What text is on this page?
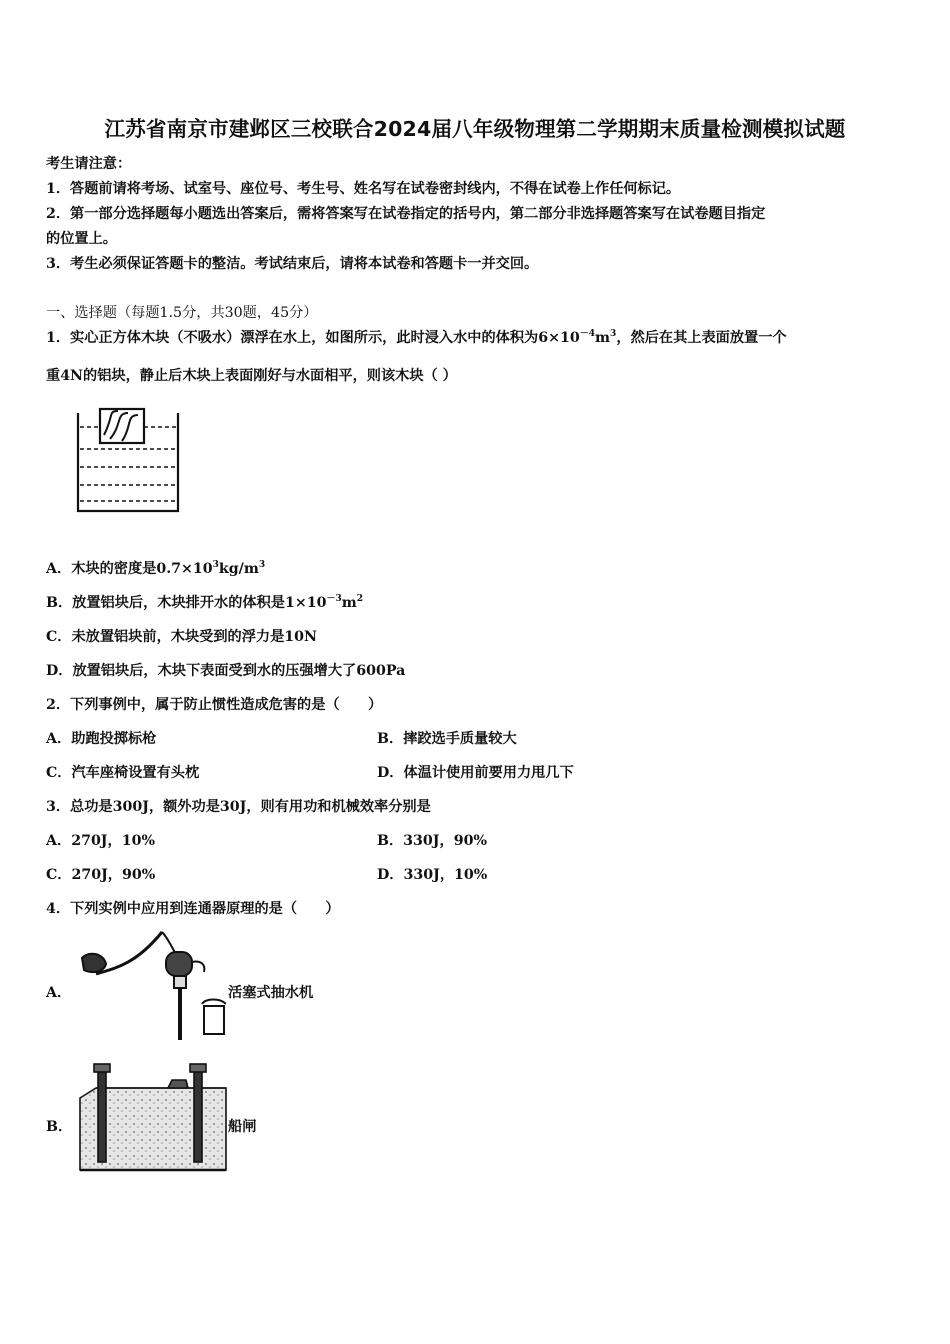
江苏省南京市建邺区三校联合2024届八年级物理第二学期期末质量检测模拟试题
考生请注意：
1．答题前请将考场、试室号、座位号、考生号、姓名写在试卷密封线内，不得在试卷上作任何标记。
2．第一部分选择题每小题选出答案后，需将答案写在试卷指定的括号内，第二部分非选择题答案写在试卷题目指定
的位置上。
3．考生必须保证答题卡的整洁。考试结束后，请将本试卷和答题卡一并交回。
一、选择题（每题1.5分，共30题，45分）
1．实心正方体木块（不吸水）漂浮在水上，如图所示，此时浸入水中的体积为$6\times 10^{-4}m^3$，然后在其上表面放置一个
重4N的铝块，静止后木块上表面刚好与水面相平，则该木块（ ）
A．木块的密度是$0.7\times 10^3kg/m^3$
B．放置铝块后，木块排开水的体积是$1\times 10^{-3}m^2$
C．未放置铝块前，木块受到的浮力是10N
D．放置铝块后，木块下表面受到水的压强增大了600Pa
2．下列事例中，属于防止惯性造成危害的是（　　）
A．助跑投掷标枪	B．摔跤选手质量较大
C．汽车座椅设置有头枕	D．体温计使用前要用力甩几下
3．总功是300J，额外功是30J，则有用功和机械效率分别是
A．270J，10%	B．330J，90%
C．270J，90%	D．330J，10%
4．下列实例中应用到连通器原理的是（　　）
A．	活塞式抽水机
B．	船闸
